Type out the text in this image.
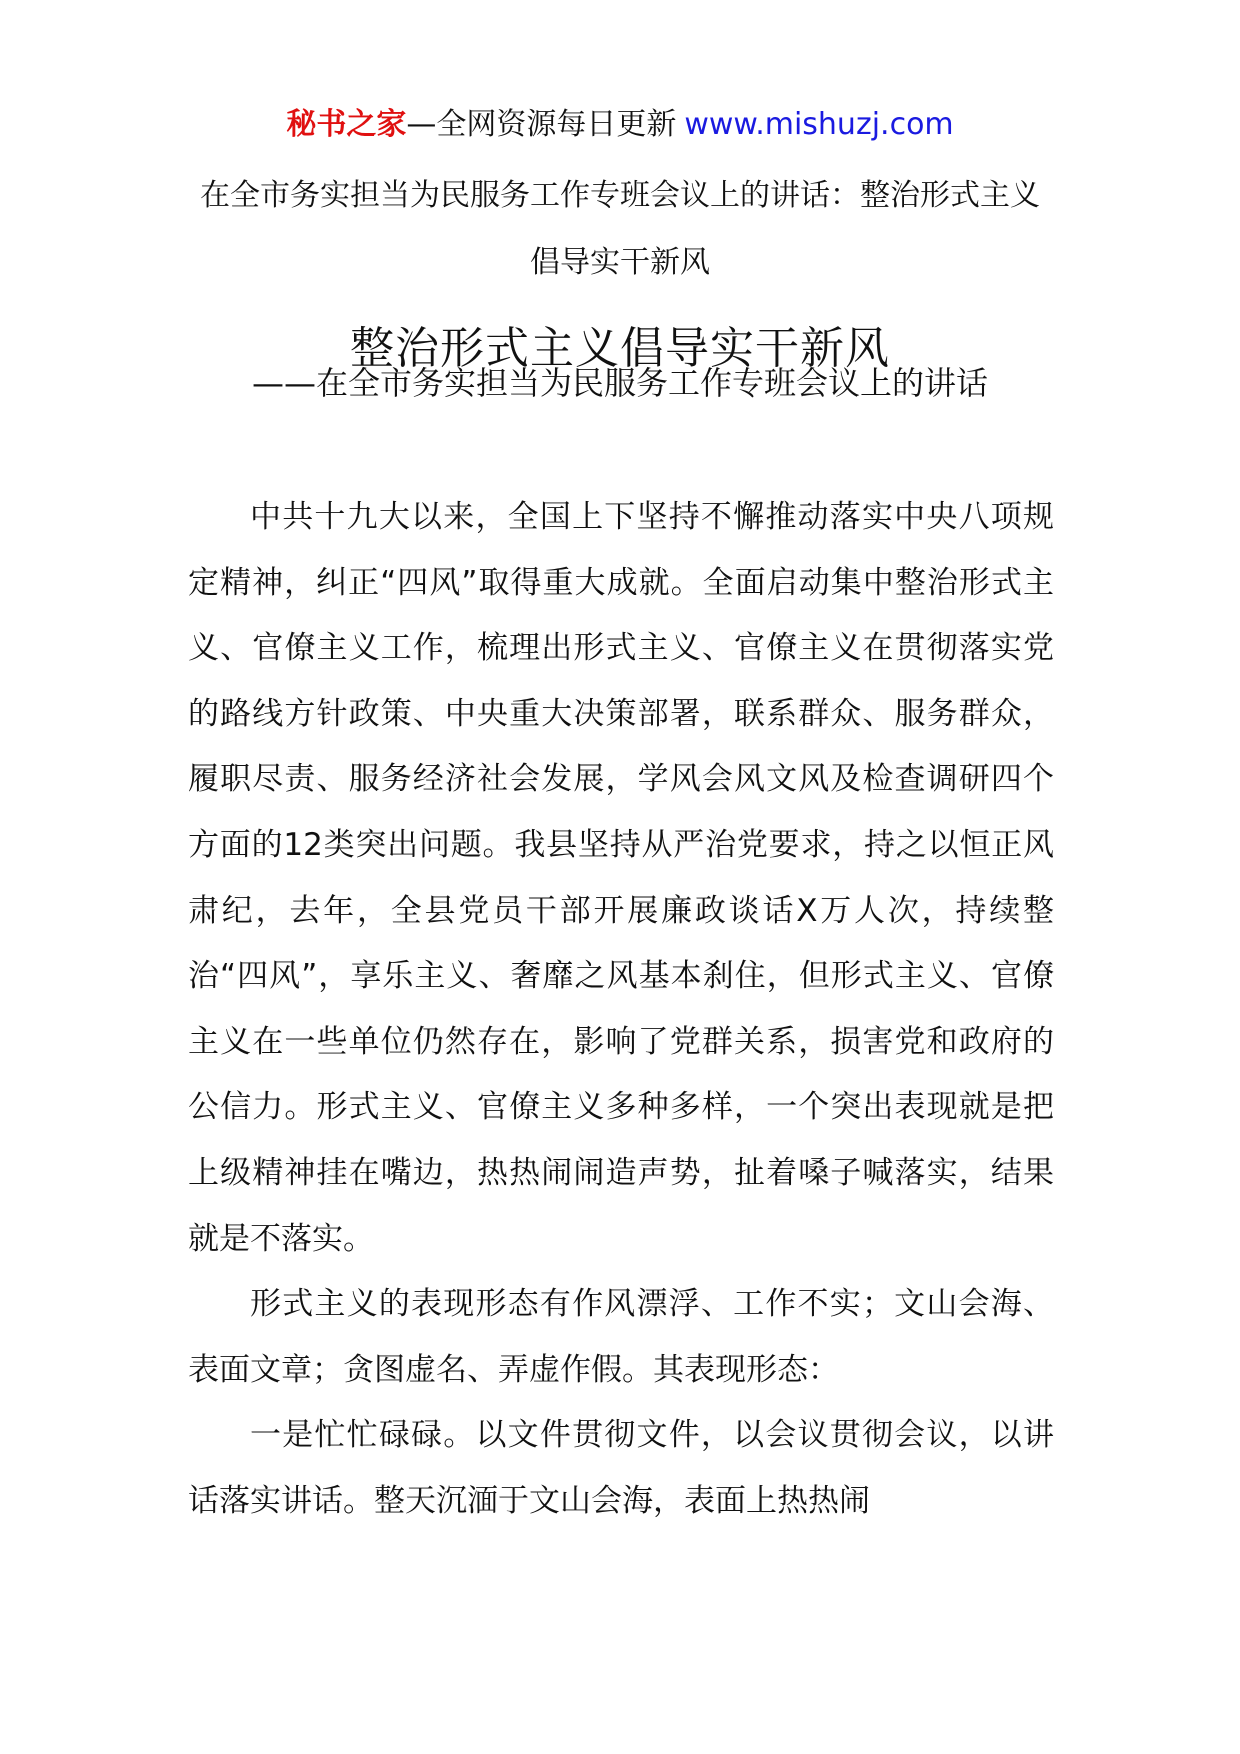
秘书之家—全网资源每日更新 www.mishuzj.com
在全市务实担当为民服务工作专班会议上的讲话：整治形式主义倡导实干新风
整治形式主义倡导实干新风
——在全市务实担当为民服务工作专班会议上的讲话

中共十九大以来，全国上下坚持不懈推动落实中央八项规定精神，纠正“四风”取得重大成就。全面启动集中整治形式主义、官僚主义工作，梳理出形式主义、官僚主义在贯彻落实党的路线方针政策、中央重大决策部署，联系群众、服务群众，履职尽责、服务经济社会发展，学风会风文风及检查调研四个方面的12类突出问题。我县坚持从严治党要求，持之以恒正风肃纪，去年，全县党员干部开展廉政谈话X万人次，持续整治“四风”，享乐主义、奢靡之风基本刹住，但形式主义、官僚主义在一些单位仍然存在，影响了党群关系，损害党和政府的公信力。形式主义、官僚主义多种多样，一个突出表现就是把上级精神挂在嘴边，热热闹闹造声势，扯着嗓子喊落实，结果就是不落实。

形式主义的表现形态有作风漂浮、工作不实；文山会海、表面文章；贪图虚名、弄虚作假。其表现形态：

一是忙忙碌碌。以文件贯彻文件，以会议贯彻会议，以讲话落实讲话。整天沉湎于文山会海，表面上热热闹
